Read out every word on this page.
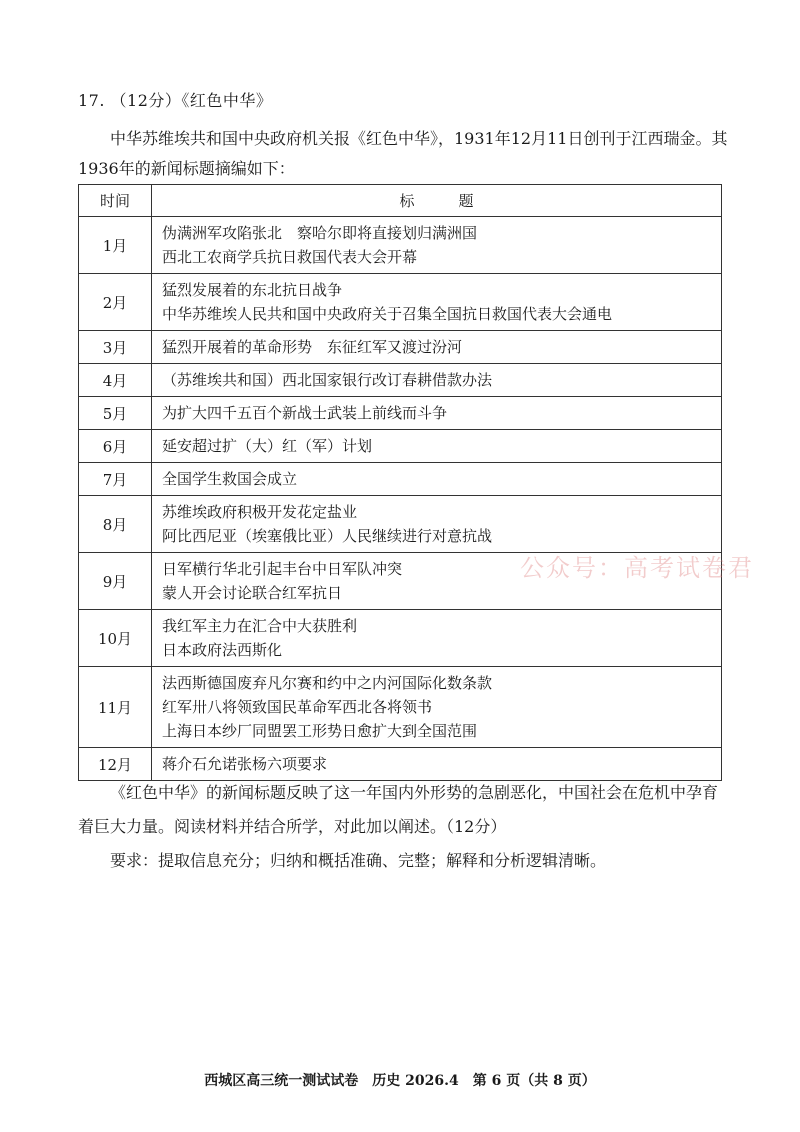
17. （12分）《红色中华》
中华苏维埃共和国中央政府机关报《红色中华》，1931年12月11日创刊于江西瑞金。其1936年的新闻标题摘编如下：
时间	标题
1月	伪满洲军攻陷张北　察哈尔即将直接划归满洲国
西北工农商学兵抗日救国代表大会开幕

2月	猛烈发展着的东北抗日战争
中华苏维埃人民共和国中央政府关于召集全国抗日救国代表大会通电

3月	猛烈开展着的革命形势　东征红军又渡过汾河

4月	（苏维埃共和国）西北国家银行改订春耕借款办法

5月	为扩大四千五百个新战士武装上前线而斗争

6月	延安超过扩（大）红（军）计划

7月	全国学生救国会成立

8月	苏维埃政府积极开发花定盐业
阿比西尼亚（埃塞俄比亚）人民继续进行对意抗战

9月	日军横行华北引起丰台中日军队冲突
蒙人开会讨论联合红军抗日

10月	我红军主力在汇合中大获胜利
日本政府法西斯化

11月	法西斯德国废弃凡尔赛和约中之内河国际化数条款
红军卅八将领致国民革命军西北各将领书
上海日本纱厂同盟罢工形势日愈扩大到全国范围

12月	蒋介石允诺张杨六项要求
公众号：高考试卷君
《红色中华》的新闻标题反映了这一年国内外形势的急剧恶化，中国社会在危机中孕育着巨大力量。阅读材料并结合所学，对此加以阐述。（12分）
要求：提取信息充分；归纳和概括准确、完整；解释和分析逻辑清晰。
西城区高三统一测试试卷　历史 2026.4　第 6 页（共 8 页）
